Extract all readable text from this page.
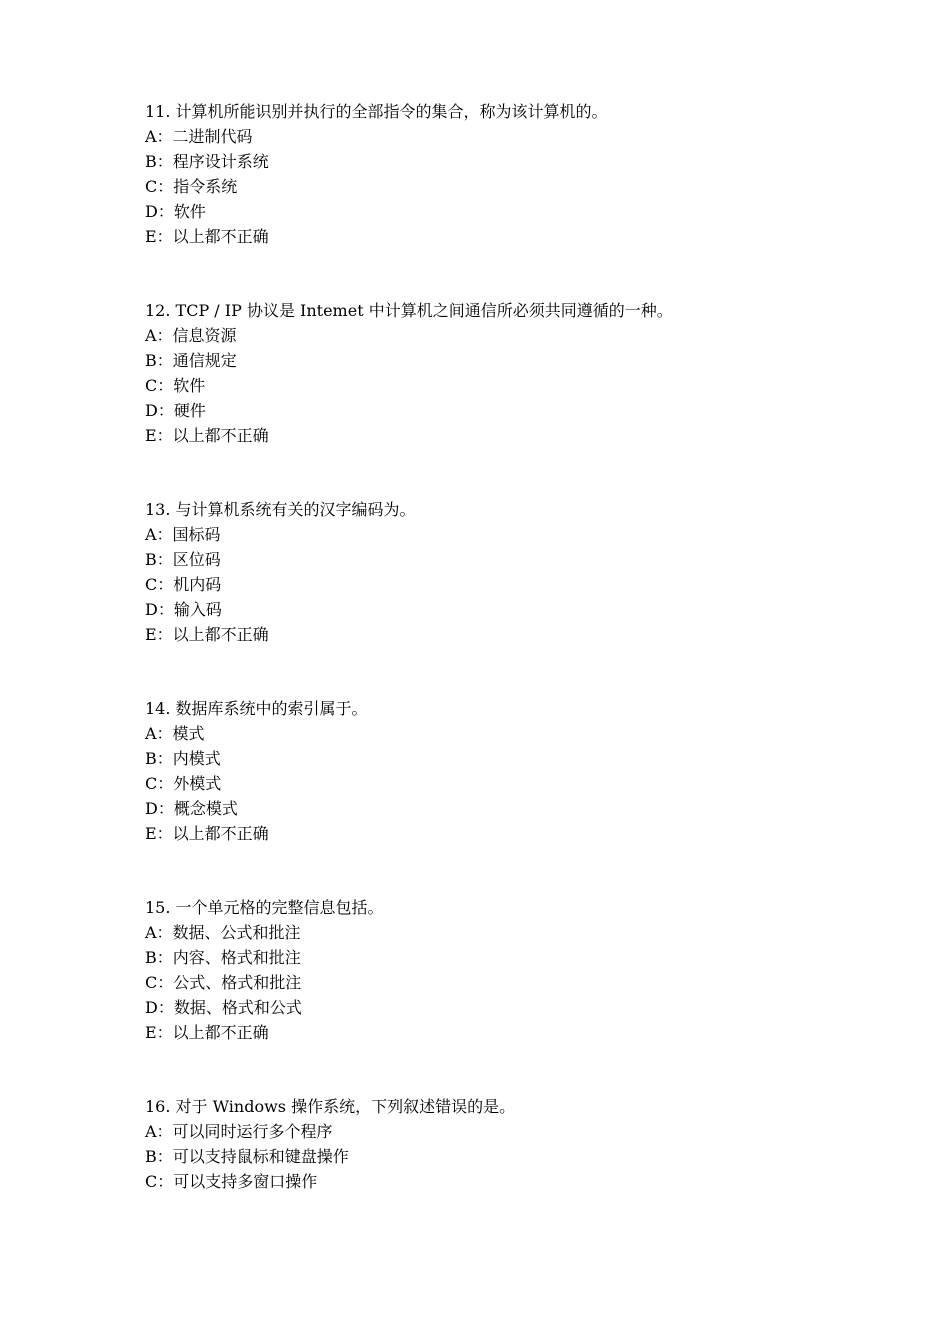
11. 计算机所能识别并执行的全部指令的集合，称为该计算机的。
A：二进制代码
B：程序设计系统
C：指令系统
D：软件
E：以上都不正确
12. TCP / IP 协议是 Intemet 中计算机之间通信所必须共同遵循的一种。
A：信息资源
B：通信规定
C：软件
D：硬件
E：以上都不正确
13. 与计算机系统有关的汉字编码为。
A：国标码
B：区位码
C：机内码
D：输入码
E：以上都不正确
14. 数据库系统中的索引属于。
A：模式
B：内模式
C：外模式
D：概念模式
E：以上都不正确
15. 一个单元格的完整信息包括。
A：数据、公式和批注
B：内容、格式和批注
C：公式、格式和批注
D：数据、格式和公式
E：以上都不正确
16. 对于 Windows 操作系统，下列叙述错误的是。
A：可以同时运行多个程序
B：可以支持鼠标和键盘操作
C：可以支持多窗口操作
